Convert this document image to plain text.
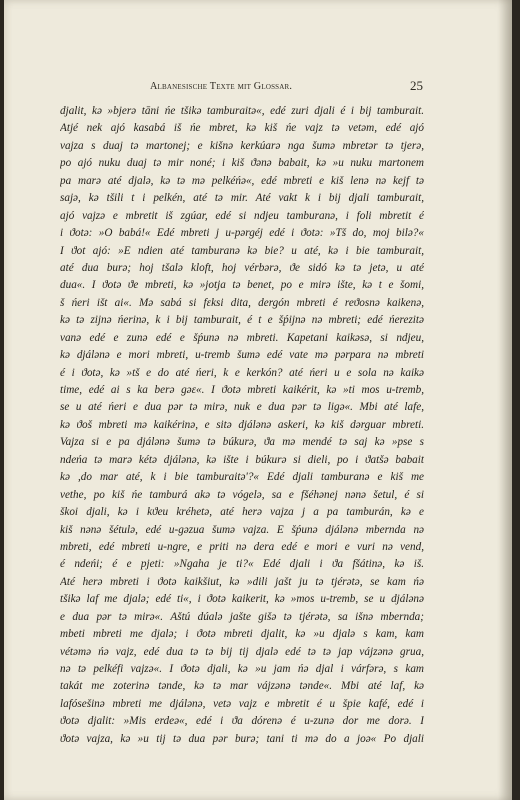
Albanesische Texte mit Glossar.	25
djalit, kә »bjerә tāni ńe tšikә tamburaitә«, edé zuri djali é i bij tamburait.
Atjé nek ajó kasabá iš ńe mbret, kә kiš ńe vajz tә vetәm, edé ajó
vajza s duaj tә martonej; e kišnә kerkúarә nga šumә mbretәr tә tjerә,
po ajó nuku duaj tә mir noné; i kiš ϑәnә babait, kә »u nuku martonem
pa marә até djalә, kә tә mә pelkéńә«, edé mbreti e kiš lenә nә kejf tә
sajә, kә tšili t i pelkén, até tә mir. Até vakt k i bij djali tamburait,
ajó vajzә e mbretit iš zgúar, edé si ndjeu tamburanә, i foli mbretit é
i ϑotә: »O babá!« Edé mbreti j u-pәrgéj edé i ϑotә: »Tš do, moj bilә?«
I ϑot ajó: »E ndien até tamburanә kә bie? u até, kә i bie tamburait,
até dua burә; hoj tšalә kloft, hoj vérbәrә, ϑe sidó kә tә jetә, u até
dua«. I ϑotә ϑe mbreti, kә »jotja tә benet, po e mirә ište, kә t e šomi,
š ńeri išt ai«. Mә sabá si fεksi dita, dergón mbreti é reϑosnә kaikenә,
kә tә zijnә ńerinә, k i bij tamburait, é t e šṕijnә nә mbreti; edé ńerezitә
vanә edé e zunә edé e šṕunә nә mbreti. Kapetani kaikәsә, si ndjeu,
kә djálәnә e mori mbreti, u-tremb šumә edé vate mә pәrpara nә mbreti
é i ϑotә, kә »tš e do até ńeri, k e kerkón? até ńeri u e sola nә kaikә
time, edé ai s ka berә gәε«. I ϑotә mbreti kaikérit, kә »ti mos u-tremb,
se u até ńeri e dua pәr tә mirә, nuk e dua pәr tә ligә«. Mbi até lafe,
kә ϑoš mbreti mә kaikérinә, e sitә djálәnә askeri, kә kiš dәrguar mbreti.
Vajza si e pa djálәnә šumә tә búkurә, ϑa mә mendé tә saj kә »pse s
ndeńa tә marә kétә djálәnә, kә ište i búkurә si dieli, po i ϑatšә babait
kә ,do mar até, k i bie tamburaitә'?« Edé djali tamburanә e kiš me
vethe, po kiš ńe tamburá akә tә vógelә, sa e fšéhәnej nәnә šetul, é si
škoi djali, kә i kϑeu kréhetә, até herә vajza j a pa tamburán, kә e
kiš nәnә šétulә, edé u-gәzua šumә vajza. E šṕunә djálәnә mbernda nә
mbreti, edé mbreti u-ngre, e priti nә dera edé e mori e vuri nә vend,
é ndeńi; é e pjeti: »Ngaha je ti?« Edé djali i ϑa fšátinә, kә iš.
Até herә mbreti i ϑotә kaikšiut, kә »dili jašt ju tә tjérәtә, se kam ńә
tšikә laf me djalә; edé ti«, i ϑotә kaikerit, kә »mos u-tremb, se u djálәnә
e dua pәr tә mirә«. Aštú dúalә jašte gišә tә tjérәtә, sa išnә mbernda;
mbeti mbreti me djalә; i ϑotә mbreti djalit, kә »u djalә s kam, kam
vétәmә ńә vajz, edé dua tә tә bij tij djalә edé tә tә jap vájzәnә grua,
nә tә pelkéfi vajzә«. I ϑotә djali, kә »u jam ńә djal i várfәrә, s kam
takát me zoterinә tәnde, kә tә mar vájzәnә tәnde«. Mbi até laf, kә
lafósešinә mbreti me djálәnә, vetә vajz e mbretit é u špie kafé, edé i
ϑotә djalit: »Mis erdeә«, edé i ϑa dórenә é u-zunә dor me dorә. I
ϑotә vajza, kә »u tij tә dua pәr burә; tani ti mә do a joә« Po djali
